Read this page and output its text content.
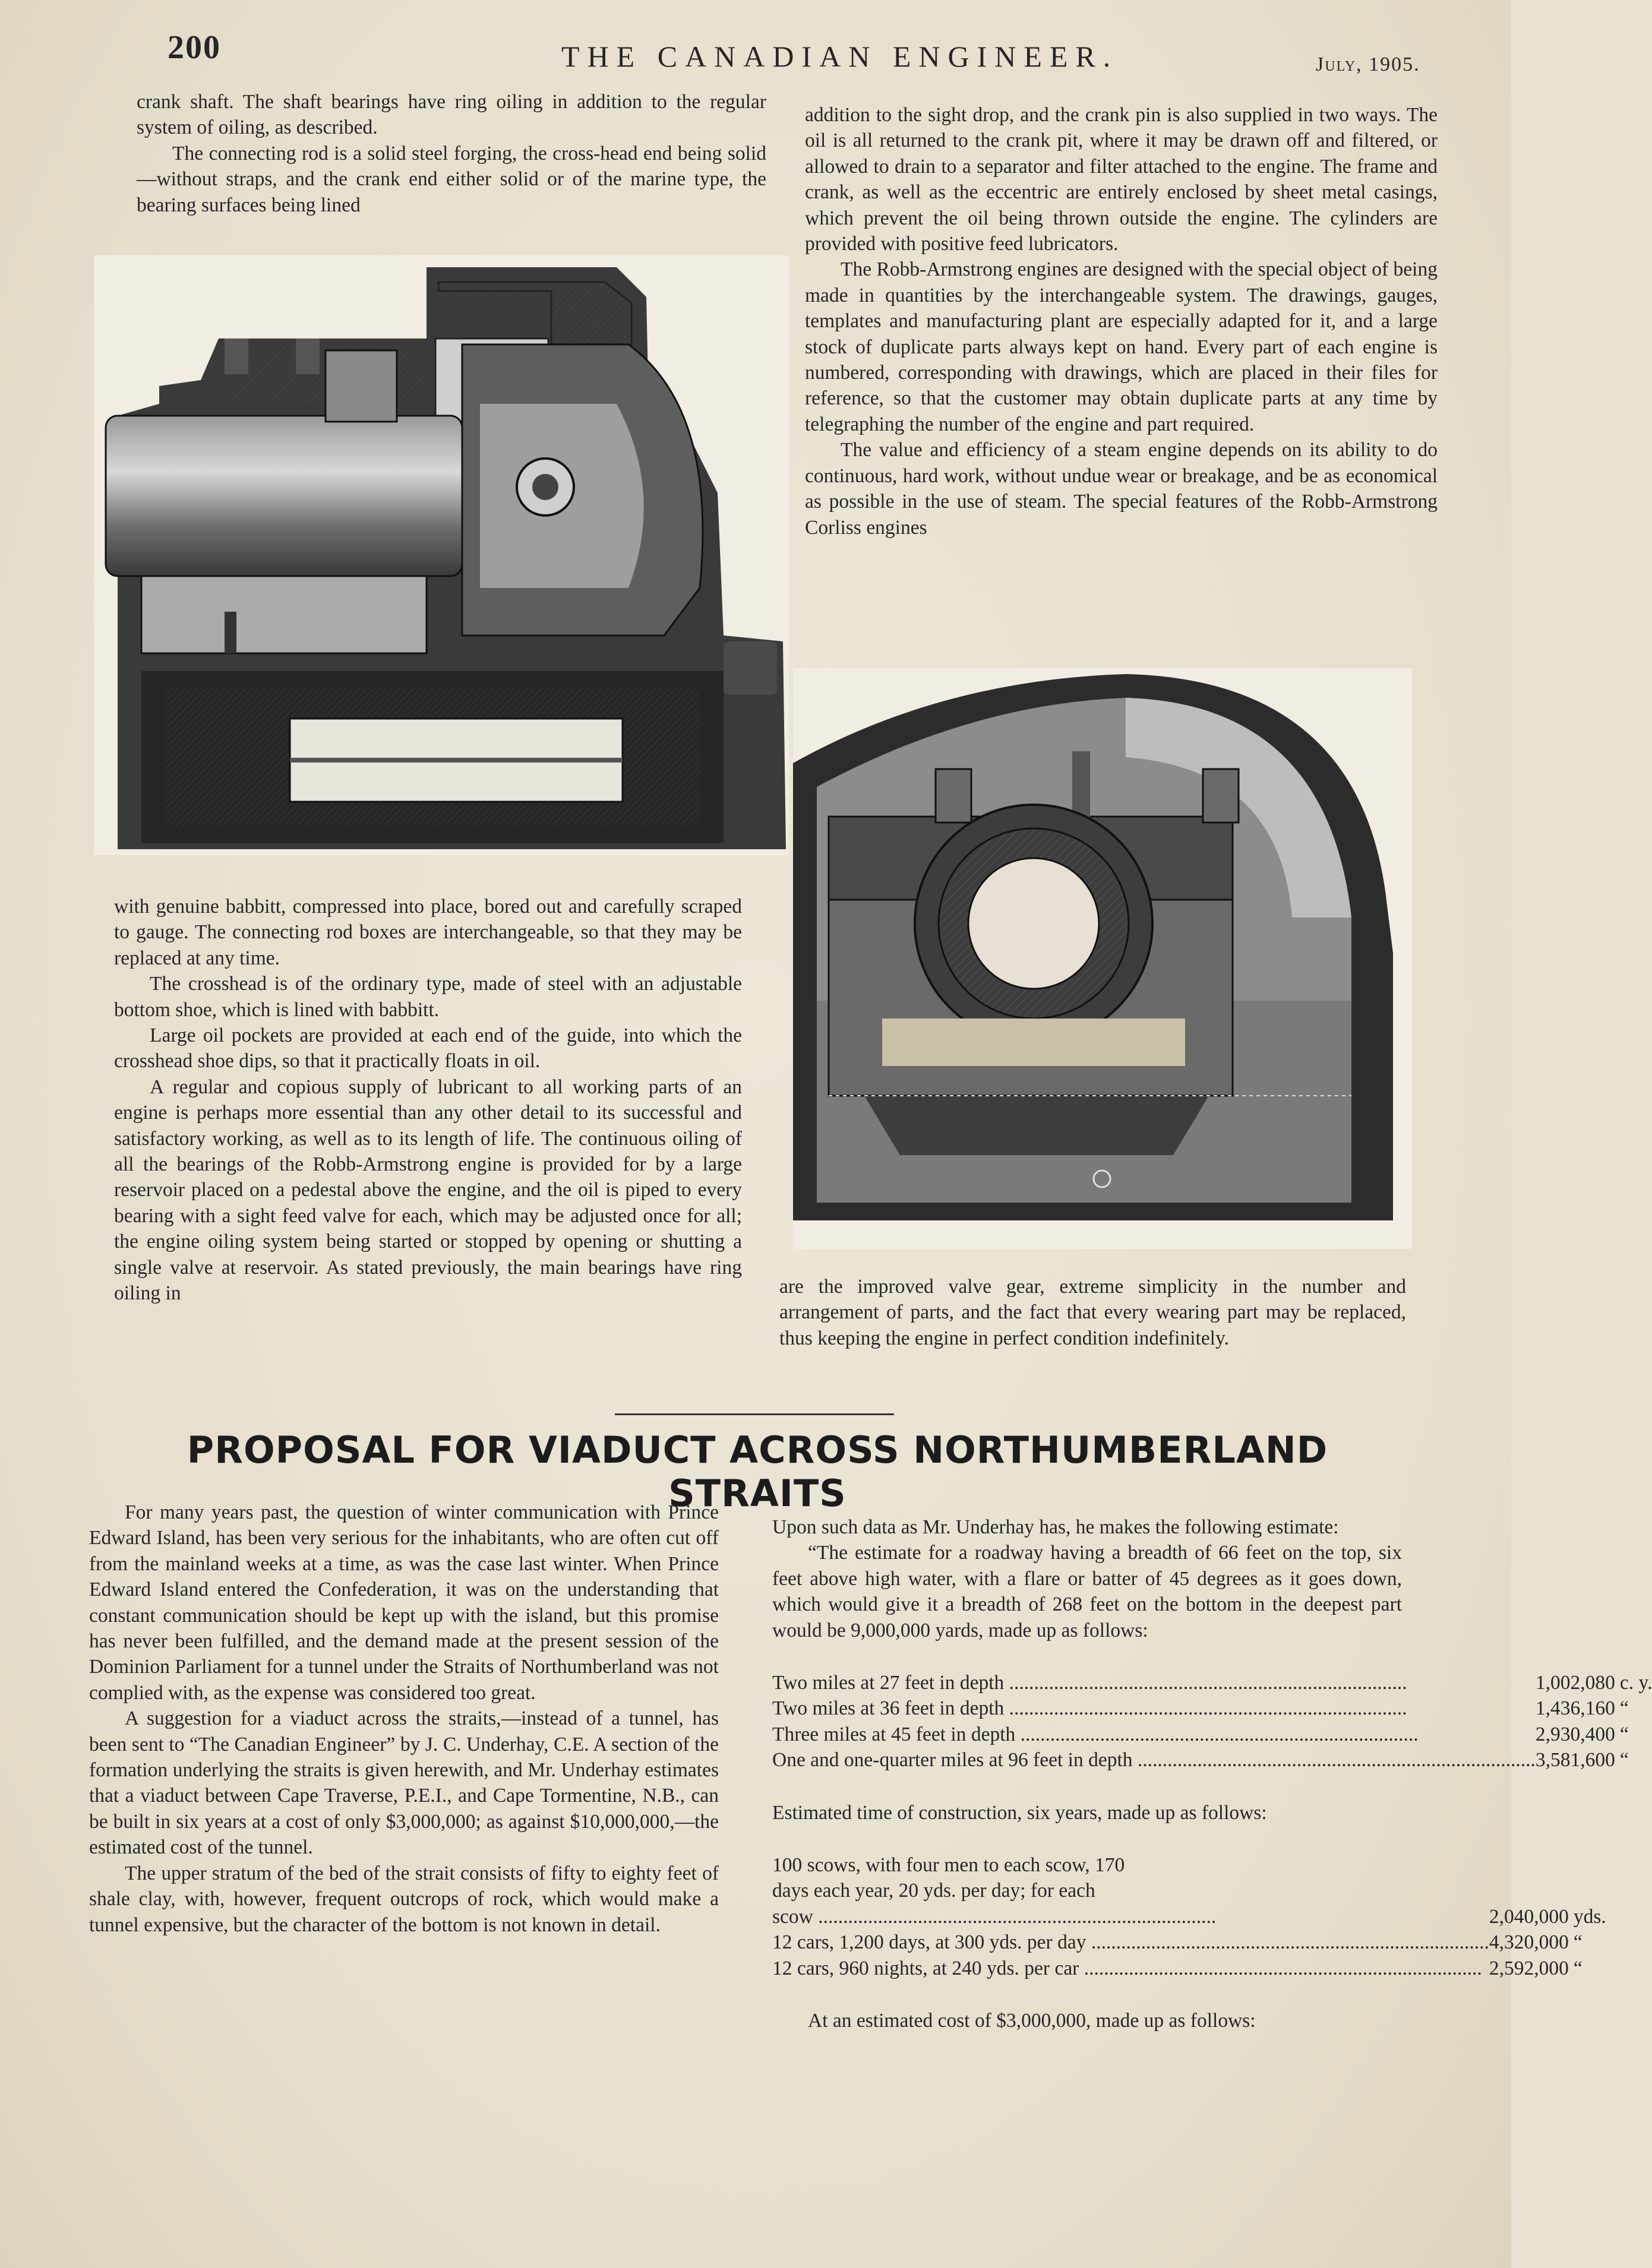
200	THE CANADIAN ENGINEER.	July, 1905.

crank shaft. The shaft bearings have ring oiling in addition to the regular system of oiling, as described.

The connecting rod is a solid steel forging, the cross-head end being solid—without straps, and the crank end either solid or of the marine type, the bearing surfaces being lined

addition to the sight drop, and the crank pin is also supplied in two ways. The oil is all returned to the crank pit, where it may be drawn off and filtered, or allowed to drain to a separator and filter attached to the engine. The frame and crank, as well as the eccentric are entirely enclosed by sheet metal casings, which prevent the oil being thrown outside the engine. The cylinders are provided with positive feed lubricators.

The Robb-Armstrong engines are designed with the special object of being made in quantities by the interchangeable system. The drawings, gauges, templates and manufacturing plant are especially adapted for it, and a large stock of duplicate parts always kept on hand. Every part of each engine is numbered, corresponding with drawings, which are placed in their files for reference, so that the customer may obtain duplicate parts at any time by telegraphing the number of the engine and part required.

The value and efficiency of a steam engine depends on its ability to do continuous, hard work, without undue wear or breakage, and be as economical as possible in the use of steam. The special features of the Robb-Armstrong Corliss engines

with genuine babbitt, compressed into place, bored out and carefully scraped to gauge. The connecting rod boxes are interchangeable, so that they may be replaced at any time.

The crosshead is of the ordinary type, made of steel with an adjustable bottom shoe, which is lined with babbitt.

Large oil pockets are provided at each end of the guide, into which the crosshead shoe dips, so that it practically floats in oil.

A regular and copious supply of lubricant to all working parts of an engine is perhaps more essential than any other detail to its successful and satisfactory working, as well as to its length of life. The continuous oiling of all the bearings of the Robb-Armstrong engine is provided for by a large reservoir placed on a pedestal above the engine, and the oil is piped to every bearing with a sight feed valve for each, which may be adjusted once for all; the engine oiling system being started or stopped by opening or shutting a single valve at reservoir. As stated previously, the main bearings have ring oiling in	are the improved valve gear, extreme simplicity in the number and arrangement of parts, and the fact that every wearing part may be replaced, thus keeping the engine in perfect condition indefinitely.

PROPOSAL FOR VIADUCT ACROSS NORTHUMBERLAND STRAITS

For many years past, the question of winter communication with Prince Edward Island, has been very serious for the inhabitants, who are often cut off from the mainland weeks at a time, as was the case last winter. When Prince Edward Island entered the Confederation, it was on the understanding that constant communication should be kept up with the island, but this promise has never been fulfilled, and the demand made at the present session of the Dominion Parliament for a tunnel under the Straits of Northumberland was not complied with, as the expense was considered too great.

A suggestion for a viaduct across the straits,—instead of a tunnel, has been sent to “The Canadian Engineer” by J. C. Underhay, C.E. A section of the formation underlying the straits is given herewith, and Mr. Underhay estimates that a viaduct between Cape Traverse, P.E.I., and Cape Tormentine, N.B., can be built in six years at a cost of only $3,000,000; as against $10,000,000,—the estimated cost of the tunnel.

The upper stratum of the bed of the strait consists of fifty to eighty feet of shale clay, with, however, frequent outcrops of rock, which would make a tunnel expensive, but the character of the bottom is not known in detail.

Upon such data as Mr. Underhay has, he makes the following estimate:

“The estimate for a roadway having a breadth of 66 feet on the top, six feet above high water, with a flare or batter of 45 degrees as it goes down, which would give it a breadth of 268 feet on the bottom in the deepest part would be 9,000,000 yards, made up as follows:

Two miles at 27 feet in depth ................................................................................	1,002,080	c. y.
Two miles at 36 feet in depth ................................................................................	1,436,160	“
Three miles at 45 feet in depth ................................................................................	2,930,400	“
One and one-quarter miles at 96 feet in depth ................................................................................	3,581,600	“

Estimated time of construction, six years, made up as follows:

100 scows, with four men to each scow, 170		
days each year, 20 yds. per day; for each		
scow ................................................................................	2,040,000	yds.
12 cars, 1,200 days, at 300 yds. per day ................................................................................	4,320,000	“
12 cars, 960 nights, at 240 yds. per car ................................................................................	2,592,000	“

At an estimated cost of $3,000,000, made up as follows:
